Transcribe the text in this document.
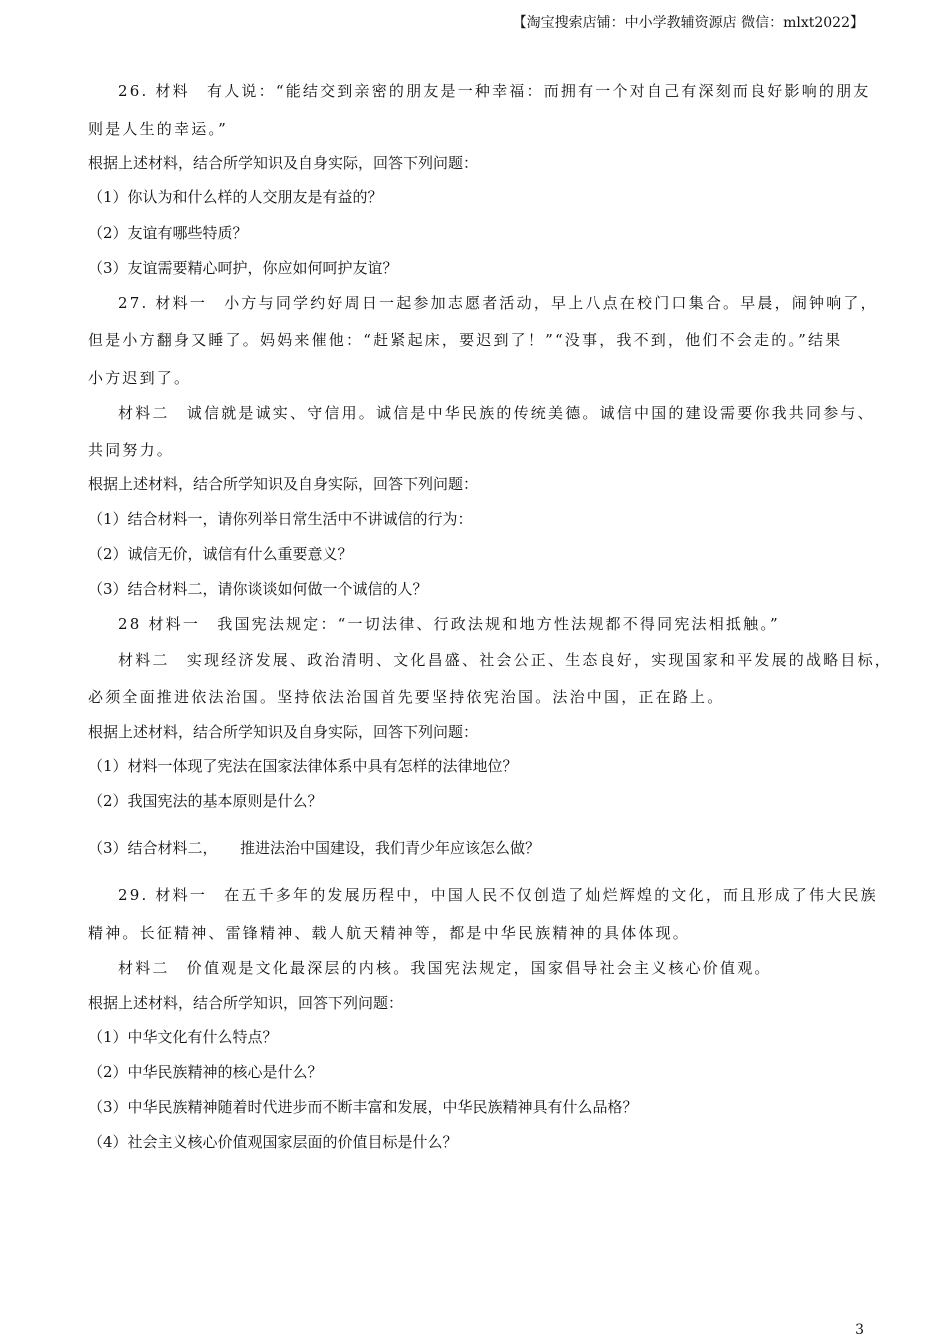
【淘宝搜索店铺：中小学教辅资源店 微信：mlxt2022】
26. 材料　有人说：“能结交到亲密的朋友是一种幸福：而拥有一个对自己有深刻而良好影响的朋友
则是人生的幸运。”
根据上述材料，结合所学知识及自身实际，回答下列问题：
（1）你认为和什么样的人交朋友是有益的？
（2）友谊有哪些特质？
（3）友谊需要精心呵护，你应如何呵护友谊？
27. 材料一　小方与同学约好周日一起参加志愿者活动，早上八点在校门口集合。早晨，闹钟响了，
但是小方翻身又睡了。妈妈来催他：“赶紧起床，要迟到了！”“没事，我不到，他们不会走的。”结果
小方迟到了。
材料二　诚信就是诚实、守信用。诚信是中华民族的传统美德。诚信中国的建设需要你我共同参与、
共同努力。
根据上述材料，结合所学知识及自身实际，回答下列问题：
（1）结合材料一，请你列举日常生活中不讲诚信的行为：
（2）诚信无价，诚信有什么重要意义？
（3）结合材料二，请你谈谈如何做一个诚信的人？
28 材料一　我国宪法规定：“一切法律、行政法规和地方性法规都不得同宪法相抵触。”
材料二　实现经济发展、政治清明、文化昌盛、社会公正、生态良好，实现国家和平发展的战略目标，
必须全面推进依法治国。坚持依法治国首先要坚持依宪治国。法治中国，正在路上。
根据上述材料，结合所学知识及自身实际，回答下列问题：
（1）材料一体现了宪法在国家法律体系中具有怎样的法律地位？
（2）我国宪法的基本原则是什么？
（3）结合材料二，　　推进法治中国建设，我们青少年应该怎么做？
29. 材料一　在五千多年的发展历程中，中国人民不仅创造了灿烂辉煌的文化，而且形成了伟大民族
精神。长征精神、雷锋精神、载人航天精神等，都是中华民族精神的具体体现。
材料二　价值观是文化最深层的内核。我国宪法规定，国家倡导社会主义核心价值观。
根据上述材料，结合所学知识，回答下列问题：
（1）中华文化有什么特点？
（2）中华民族精神的核心是什么？
（3）中华民族精神随着时代进步而不断丰富和发展，中华民族精神具有什么品格？
（4）社会主义核心价值观国家层面的价值目标是什么？
3
